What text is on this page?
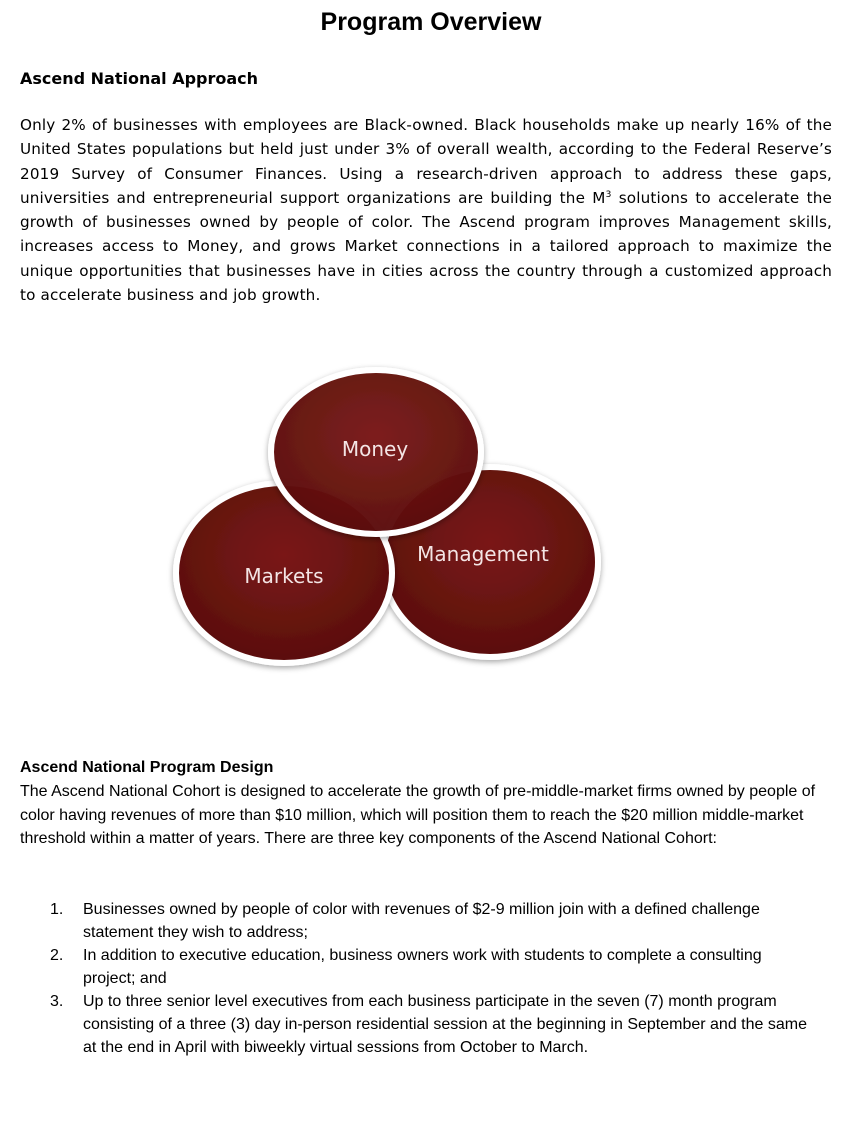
Program Overview
Ascend National Approach
Only 2% of businesses with employees are Black-owned. Black households make up nearly 16% of the United States populations but held just under 3% of overall wealth, according to the Federal Reserve’s 2019 Survey of Consumer Finances. Using a research-driven approach to address these gaps, universities and entrepreneurial support organizations are building the $M^3$ solutions to accelerate the growth of businesses owned by people of color. The Ascend program improves Management skills, increases access to Money, and grows Market connections in a tailored approach to maximize the unique opportunities that businesses have in cities across the country through a customized approach to accelerate business and job growth.
Money
Markets
Management
Ascend National Program Design
The Ascend National Cohort is designed to accelerate the growth of pre-middle-market firms owned by people of color having revenues of more than $10 million, which will position them to reach the $20 million middle-market threshold within a matter of years. There are three key components of the Ascend National Cohort:
1. Businesses owned by people of color with revenues of $2-9 million join with a defined challenge statement they wish to address;
2. In addition to executive education, business owners work with students to complete a consulting project; and
3. Up to three senior level executives from each business participate in the seven (7) month program consisting of a three (3) day in-person residential session at the beginning in September and the same at the end in April with biweekly virtual sessions from October to March.
